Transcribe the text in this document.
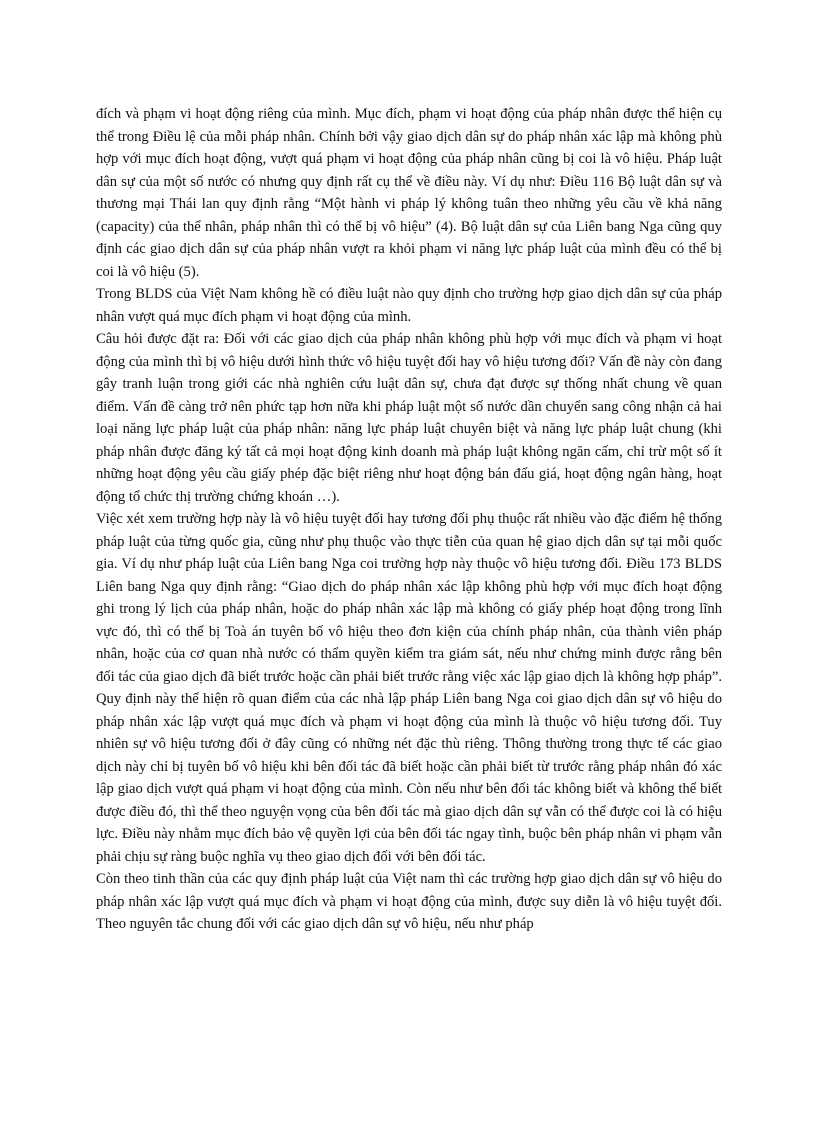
đích và phạm vi hoạt động riêng của mình. Mục đích, phạm vi hoạt động của pháp nhân được thể hiện cụ thể trong Điều lệ của mỗi pháp nhân. Chính bởi vậy giao dịch dân sự do pháp nhân xác lập mà không phù hợp với mục đích hoạt động, vượt quá phạm vi hoạt động của pháp nhân cũng bị coi là vô hiệu. Pháp luật dân sự của một số nước có nhưng quy định rất cụ thể về điều này. Ví dụ như: Điều 116 Bộ luật dân sự và thương mại Thái lan quy định rằng “Một hành vi pháp lý không tuân theo những yêu cầu về khả năng (capacity) của thể nhân, pháp nhân thì có thể bị vô hiệu” (4). Bộ luật dân sự của Liên bang Nga cũng quy định các giao dịch dân sự của pháp nhân vượt ra khỏi phạm vi năng lực pháp luật của mình đều có thể bị coi là vô hiệu (5).

Trong BLDS của Việt Nam không hề có điều luật nào quy định cho trường hợp giao dịch dân sự của pháp nhân vượt quá mục đích phạm vi hoạt động của mình.

Câu hỏi được đặt ra: Đối với các giao dịch của pháp nhân không phù hợp với mục đích và phạm vi hoạt động của mình thì bị vô hiệu dưới hình thức vô hiệu tuyệt đối hay vô hiệu tương đối? Vấn đề này còn đang gây tranh luận trong giới các nhà nghiên cứu luật dân sự, chưa đạt được sự thống nhất chung về quan điểm. Vấn đề càng trở nên phức tạp hơn nữa khi pháp luật một số nước dần chuyển sang công nhận cả hai loại năng lực pháp luật của pháp nhân: năng lực pháp luật chuyên biệt và năng lực pháp luật chung (khi pháp nhân được đăng ký tất cả mọi hoạt động kinh doanh mà pháp luật không ngăn cấm, chỉ trừ một số ít những hoạt động yêu cầu giấy phép đặc biệt riêng như hoạt động bán đấu giá, hoạt động ngân hàng, hoạt động tổ chức thị trường chứng khoán …).

Việc xét xem trường hợp này là vô hiệu tuyệt đối hay tương đối phụ thuộc rất nhiều vào đặc điểm hệ thống pháp luật của từng quốc gia, cũng như phụ thuộc vào thực tiễn của quan hệ giao dịch dân sự tại mỗi quốc gia. Ví dụ như pháp luật của Liên bang Nga coi trường hợp này thuộc vô hiệu tương đối. Điều 173 BLDS Liên bang Nga quy định rằng: “Giao dịch do pháp nhân xác lập không phù hợp với mục đích hoạt động ghi trong lý lịch của pháp nhân, hoặc do pháp nhân xác lập mà không có giấy phép hoạt động trong lĩnh vực đó, thì có thể bị Toà án tuyên bố vô hiệu theo đơn kiện của chính pháp nhân, của thành viên pháp nhân, hoặc của cơ quan nhà nước có thẩm quyền kiểm tra giám sát, nếu như chứng minh được rằng bên đối tác của giao dịch đã biết trước hoặc cần phải biết trước rằng việc xác lập giao dịch là không hợp pháp”. Quy định này thể hiện rõ quan điểm của các nhà lập pháp Liên bang Nga coi giao dịch dân sự vô hiệu do pháp nhân xác lập vượt quá mục đích và phạm vi hoạt động của mình là thuộc vô hiệu tương đối. Tuy nhiên sự vô hiệu tương đối ở đây cũng có những nét đặc thù riêng. Thông thường trong thực tế các giao dịch này chỉ bị tuyên bố vô hiệu khi bên đối tác đã biết hoặc cần phải biết từ trước rằng pháp nhân đó xác lập giao dịch vượt quá phạm vi hoạt động của mình. Còn nếu như bên đối tác không biết và không thể biết được điều đó, thì thể theo nguyện vọng của bên đối tác mà giao dịch dân sự vẫn có thể được coi là có hiệu lực. Điều này nhằm mục đích bảo vệ quyền lợi của bên đối tác ngay tình, buộc bên pháp nhân vi phạm vẫn phải chịu sự ràng buộc nghĩa vụ theo giao dịch đối với bên đối tác.

Còn theo tinh thần của các quy định pháp luật của Việt nam thì các trường hợp giao dịch dân sự vô hiệu do pháp nhân xác lập vượt quá mục đích và phạm vi hoạt động của mình, được suy diễn là vô hiệu tuyệt đối. Theo nguyên tắc chung đối với các giao dịch dân sự vô hiệu, nếu như pháp
